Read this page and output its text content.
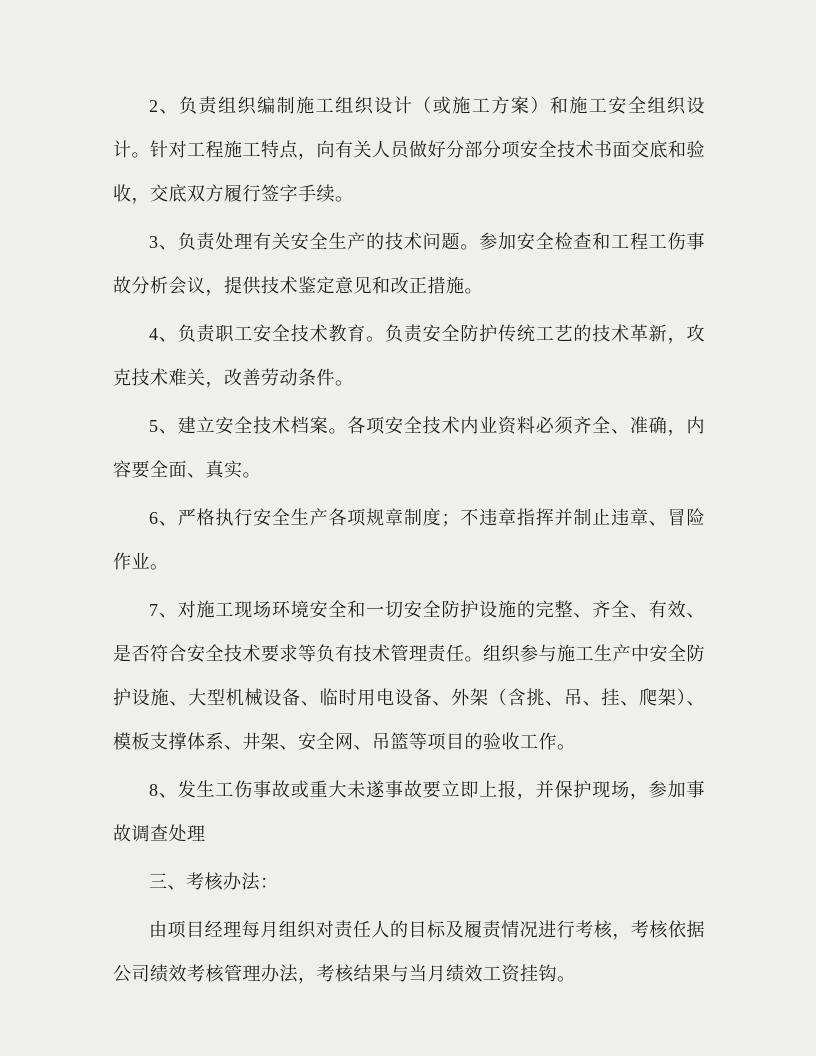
2、负责组织编制施工组织设计（或施工方案）和施工安全组织设计。针对工程施工特点，向有关人员做好分部分项安全技术书面交底和验收，交底双方履行签字手续。

3、负责处理有关安全生产的技术问题。参加安全检查和工程工伤事故分析会议，提供技术鉴定意见和改正措施。

4、负责职工安全技术教育。负责安全防护传统工艺的技术革新，攻克技术难关，改善劳动条件。

5、建立安全技术档案。各项安全技术内业资料必须齐全、准确，内容要全面、真实。

6、严格执行安全生产各项规章制度；不违章指挥并制止违章、冒险作业。

7、对施工现场环境安全和一切安全防护设施的完整、齐全、有效、是否符合安全技术要求等负有技术管理责任。组织参与施工生产中安全防护设施、大型机械设备、临时用电设备、外架（含挑、吊、挂、爬架）、模板支撑体系、井架、安全网、吊篮等项目的验收工作。

8、发生工伤事故或重大未遂事故要立即上报，并保护现场，参加事故调查处理

三、考核办法：

由项目经理每月组织对责任人的目标及履责情况进行考核，考核依据公司绩效考核管理办法，考核结果与当月绩效工资挂钩。
